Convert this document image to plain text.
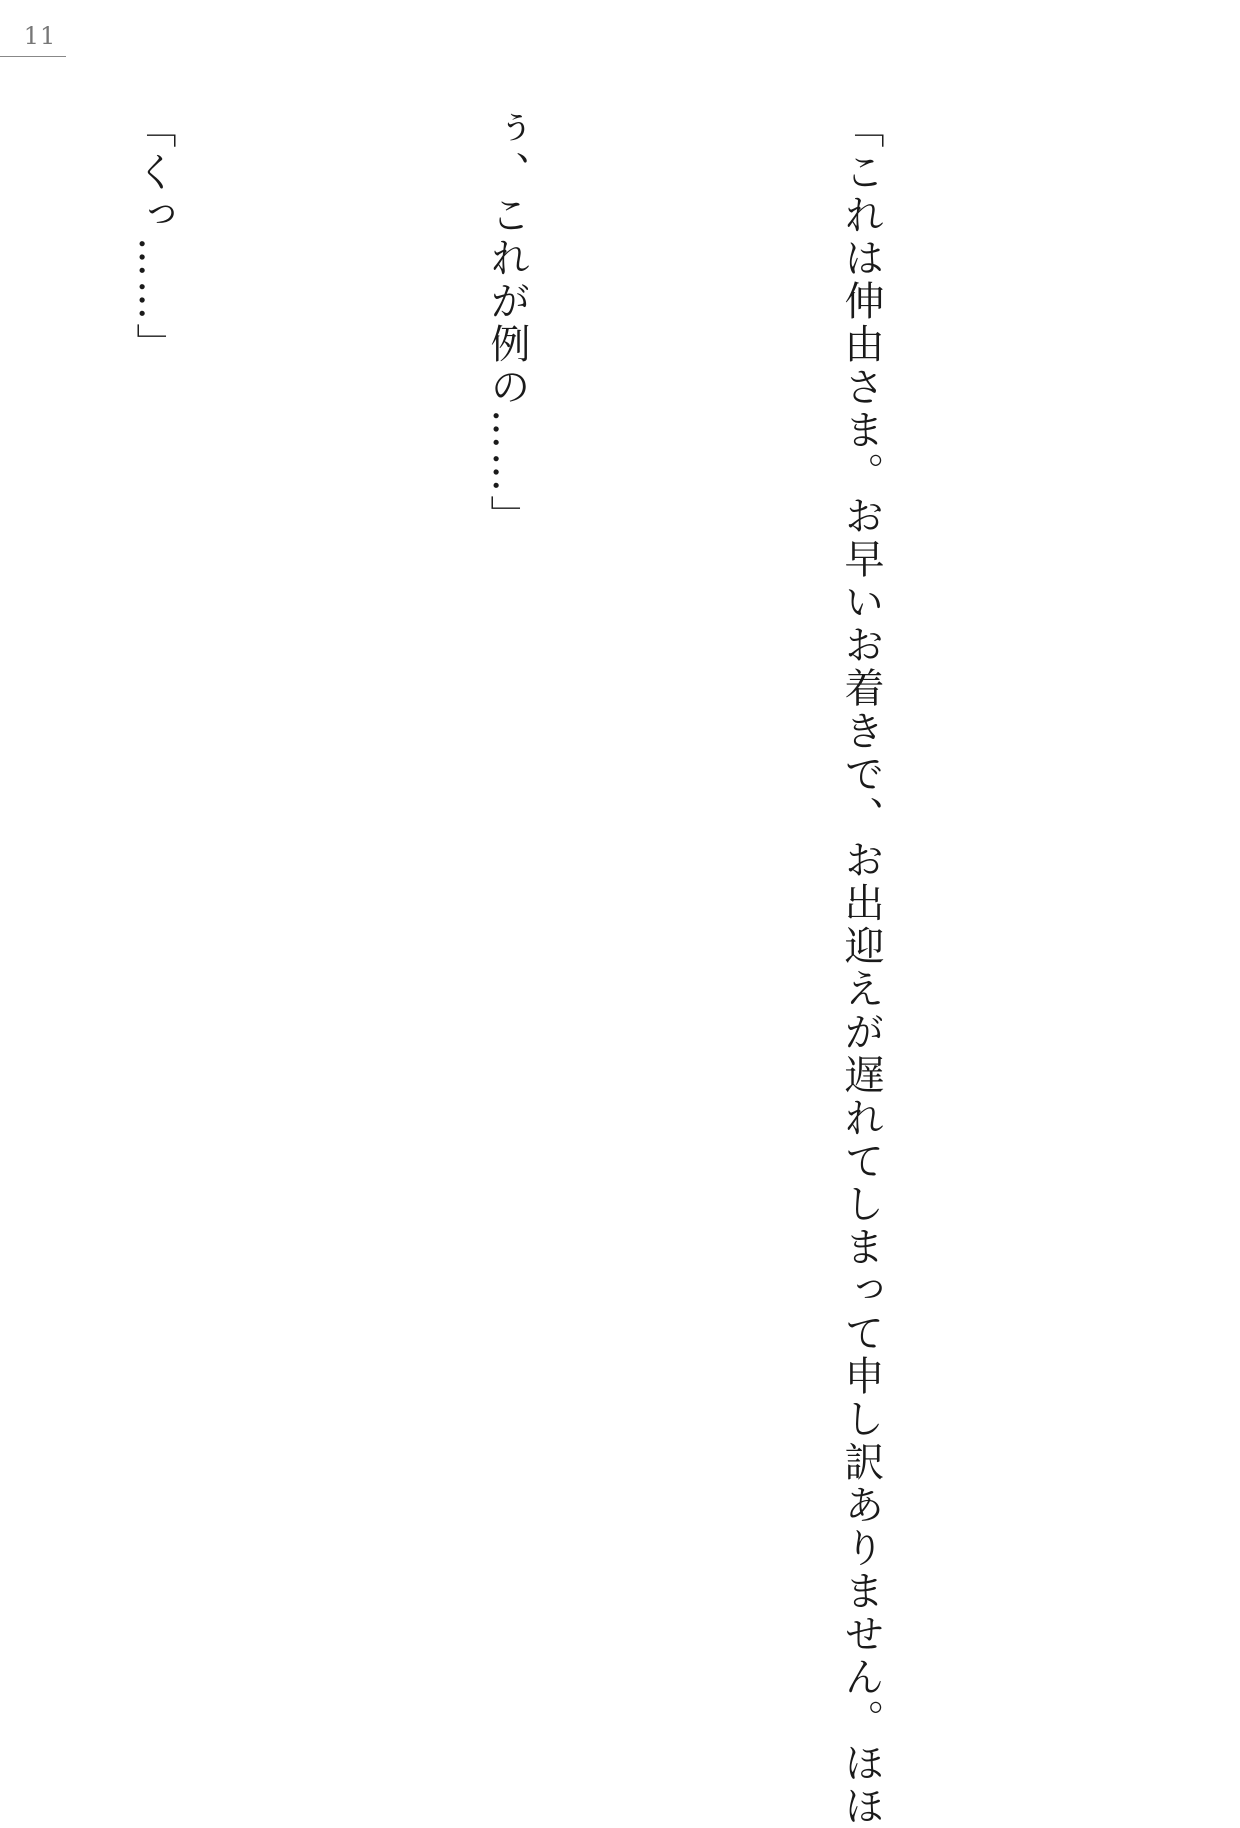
11

「これは伸由さま。お早いお着きで、お出迎えが遅れてしまって申し訳ありません。ほほ

ぅ、これが例の……」

「くっ……」
